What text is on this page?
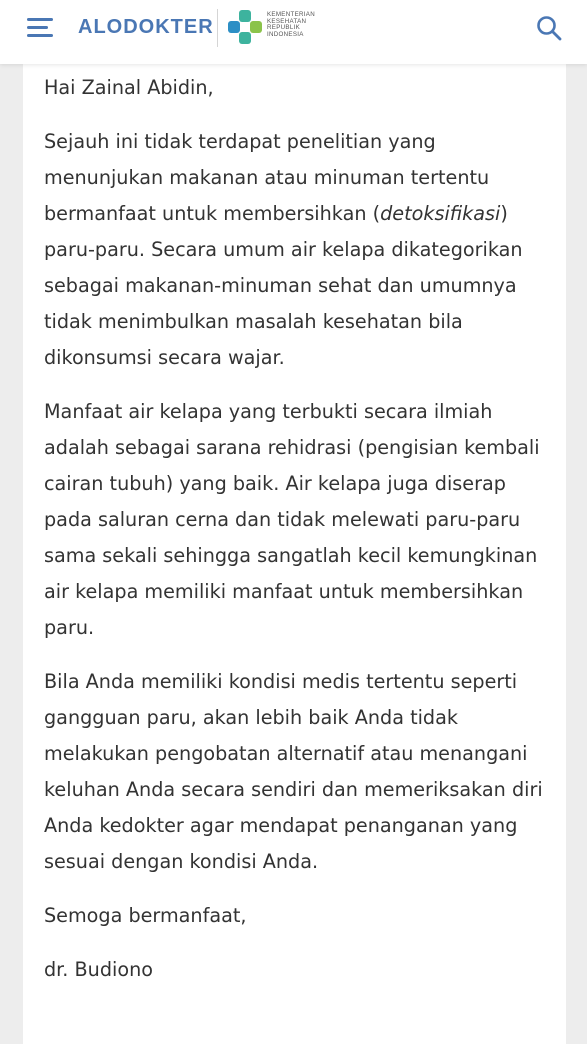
ALODOKTER
KEMENTERIAN
KESEHATAN
REPUBLIK
INDONESIA

Hai Zainal Abidin,

Sejauh ini tidak terdapat penelitian yang menunjukan makanan atau minuman tertentu bermanfaat untuk membersihkan (detoksifikasi) paru-paru. Secara umum air kelapa dikategorikan sebagai makanan-minuman sehat dan umumnya tidak menimbulkan masalah kesehatan bila dikonsumsi secara wajar.

Manfaat air kelapa yang terbukti secara ilmiah adalah sebagai sarana rehidrasi (pengisian kembali cairan tubuh) yang baik. Air kelapa juga diserap pada saluran cerna dan tidak melewati paru-paru sama sekali sehingga sangatlah kecil kemungkinan air kelapa memiliki manfaat untuk membersihkan paru.

Bila Anda memiliki kondisi medis tertentu seperti gangguan paru, akan lebih baik Anda tidak melakukan pengobatan alternatif atau menangani keluhan Anda secara sendiri dan memeriksakan diri Anda kedokter agar mendapat penanganan yang sesuai dengan kondisi Anda.

Semoga bermanfaat,

dr. Budiono
